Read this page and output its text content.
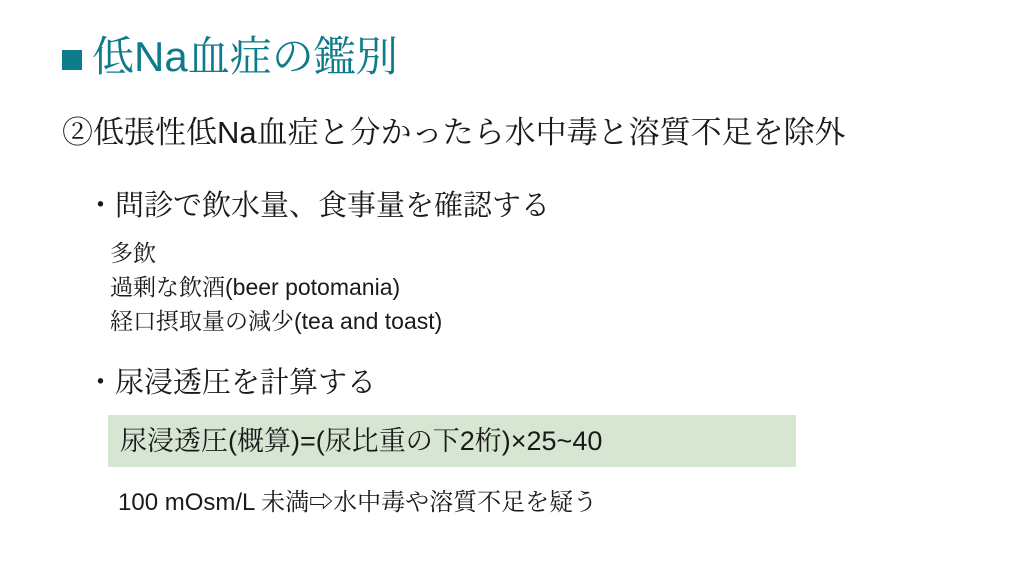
低Na血症の鑑別
②低張性低Na血症と分かったら水中毒と溶質不足を除外
・問診で飲水量、食事量を確認する
多飲
過剰な飲酒(beer potomania)
経口摂取量の減少(tea and toast)
・尿浸透圧を計算する
尿浸透圧(概算)=(尿比重の下2桁)×25~40
100 mOsm/L 未満⇨水中毒や溶質不足を疑う
